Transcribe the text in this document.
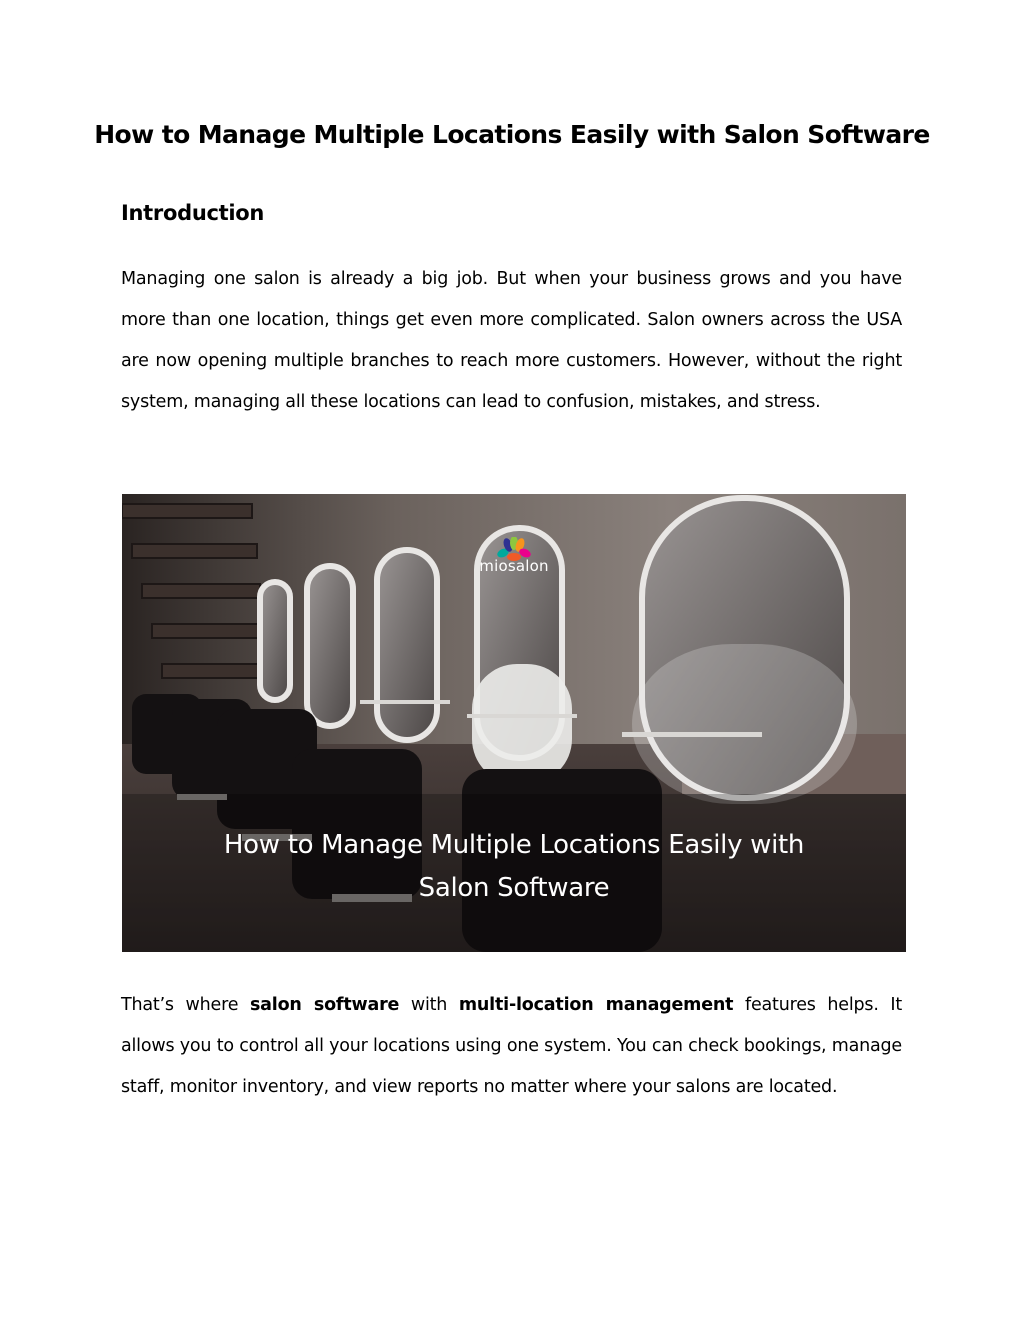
How to Manage Multiple Locations Easily with Salon Software
Introduction

Managing one salon is already a big job. But when your business grows and you have more than one location, things get even more complicated. Salon owners across the USA are now opening multiple branches to reach more customers. However, without the right system, managing all these locations can lead to confusion, mistakes, and stress.

miosalon
How to Manage Multiple Locations Easily with
Salon Software

That’s where salon software with multi-location management features helps. It allows you to control all your locations using one system. You can check bookings, manage staff, monitor inventory, and view reports no matter where your salons are located.
